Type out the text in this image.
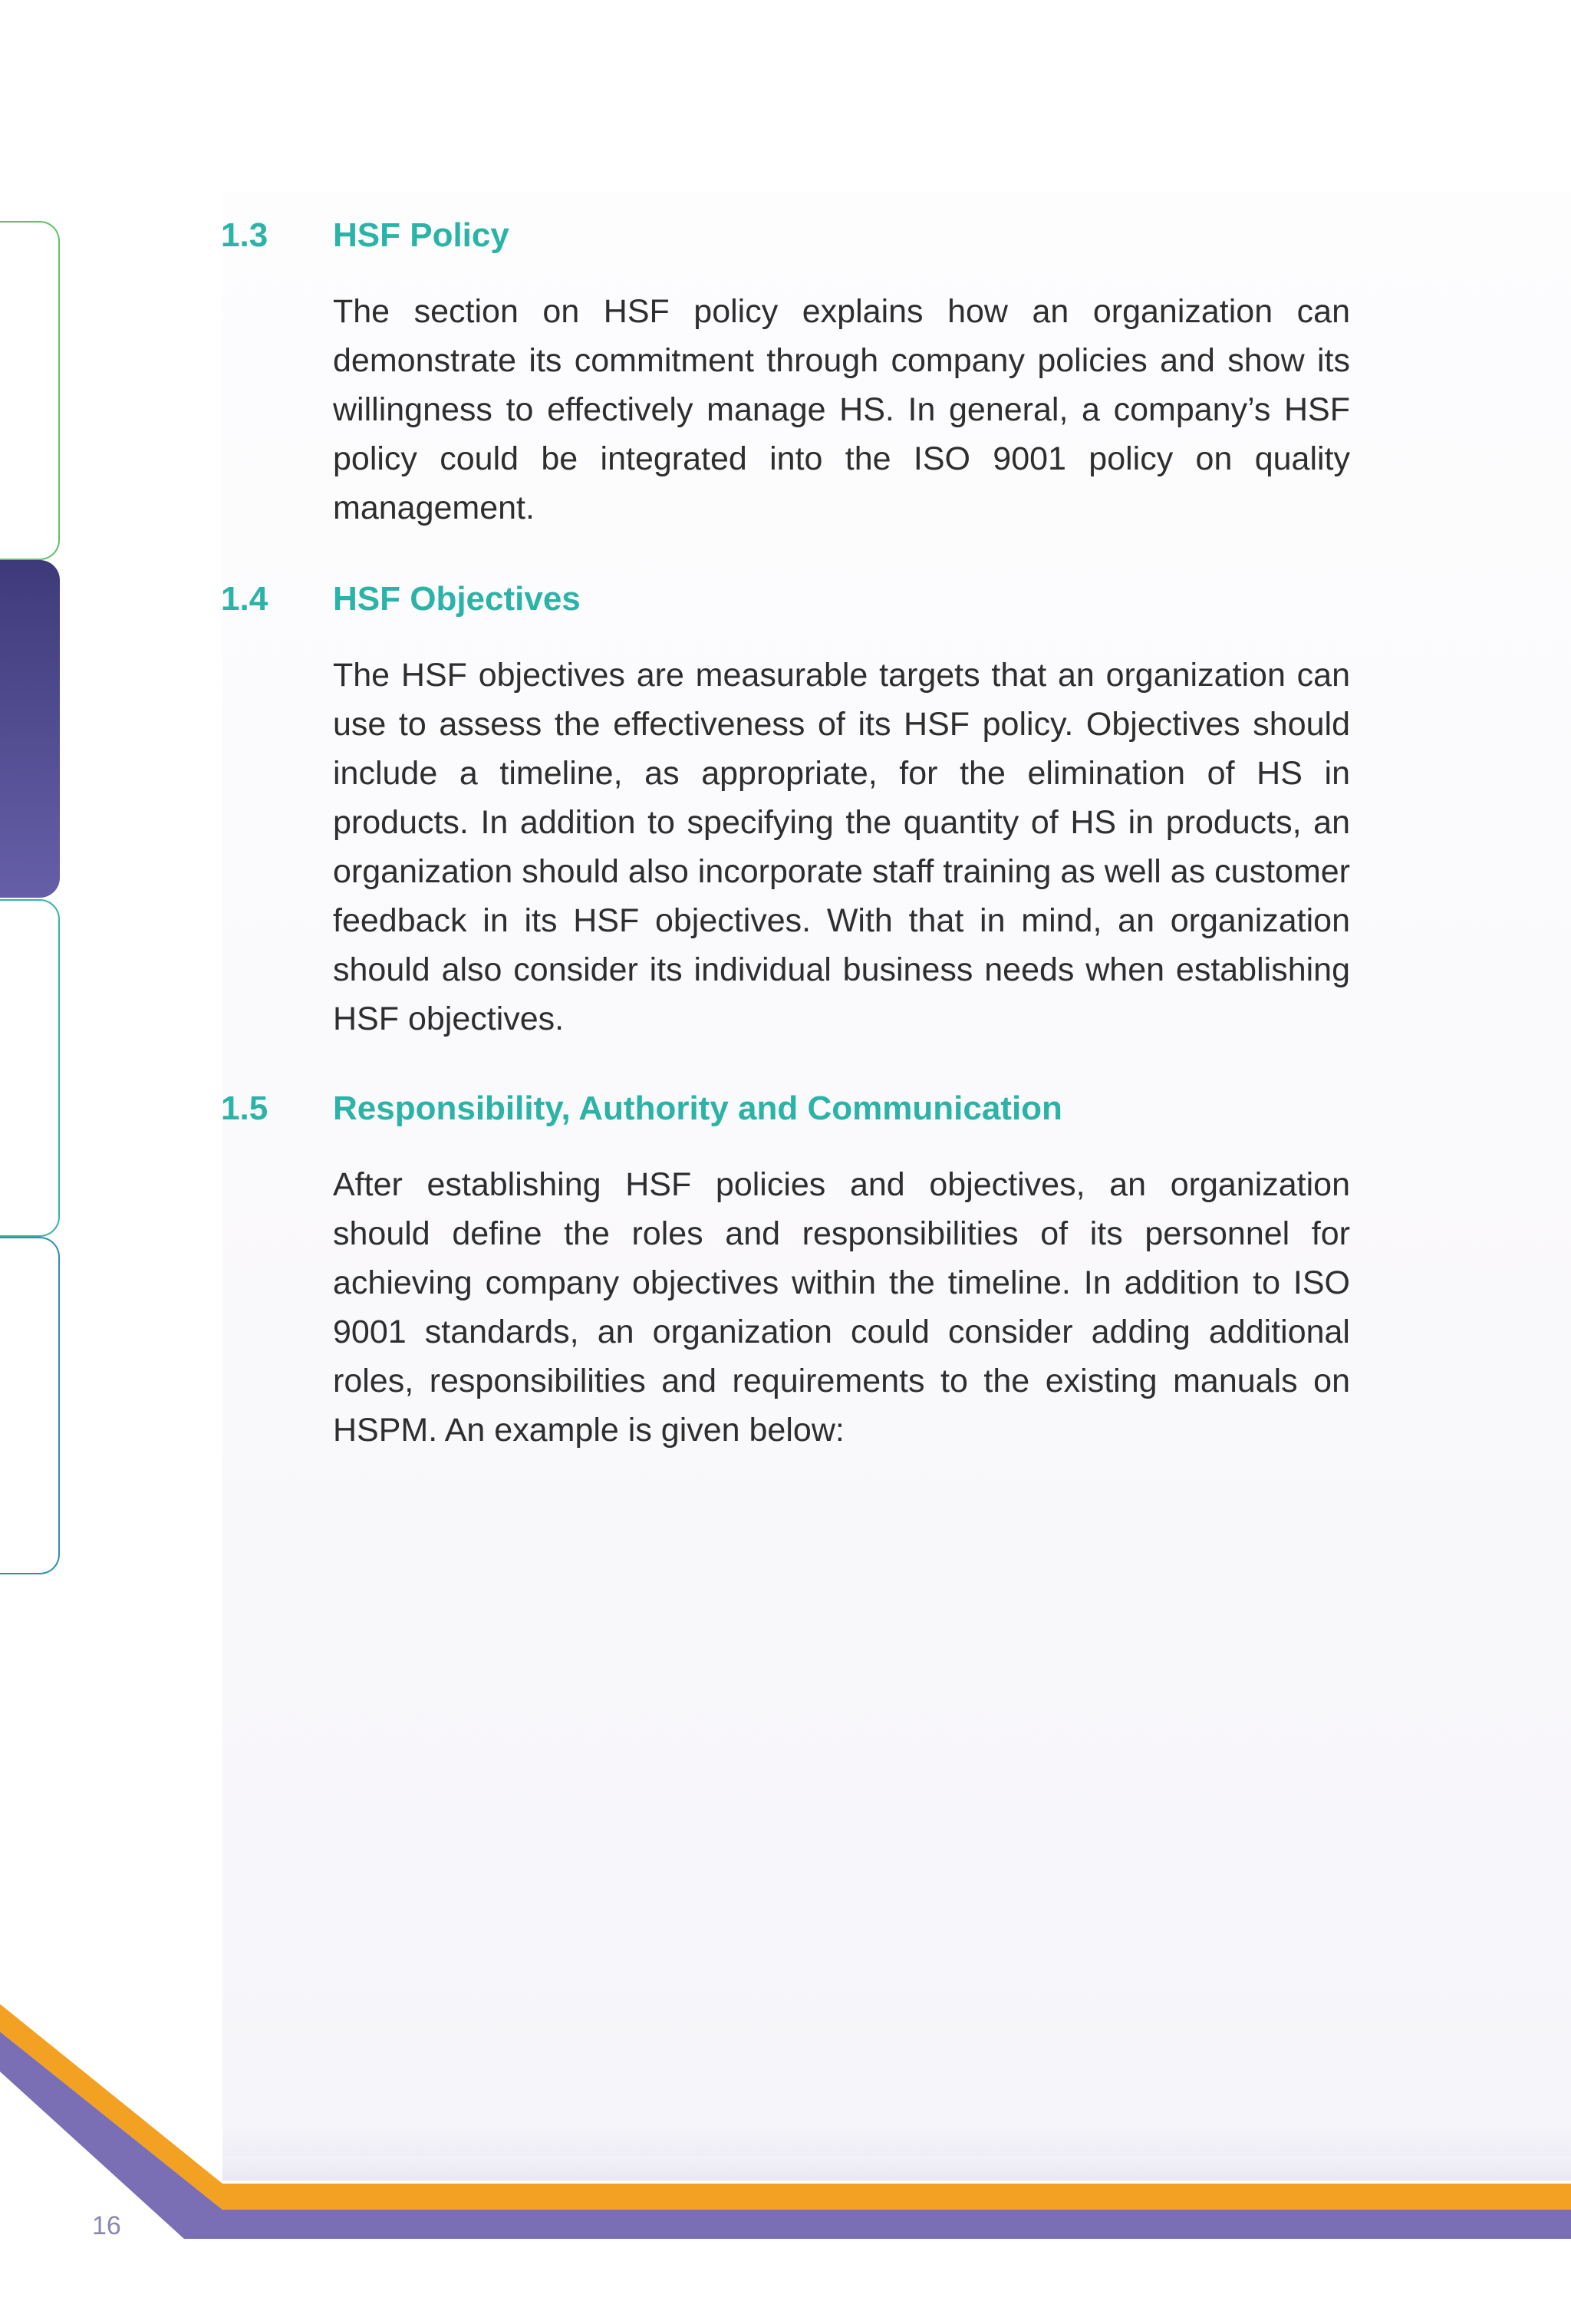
1.3 HSF Policy
The section on HSF policy explains how an organization can demonstrate its commitment through company policies and show its willingness to effectively manage HS. In general, a company’s HSF policy could be integrated into the ISO 9001 policy on quality management.
1.4 HSF Objectives
The HSF objectives are measurable targets that an organization can use to assess the effectiveness of its HSF policy. Objectives should include a timeline, as appropriate, for the elimination of HS in products. In addition to specifying the quantity of HS in products, an organization should also incorporate staff training as well as customer feedback in its HSF objectives. With that in mind, an organization should also consider its individual business needs when establishing HSF objectives.
1.5 Responsibility, Authority and Communication
After establishing HSF policies and objectives, an organization should define the roles and responsibilities of its personnel for achieving company objectives within the timeline. In addition to ISO 9001 standards, an organization could consider adding additional roles, responsibilities and requirements to the existing manuals on HSPM. An example is given below:
16
